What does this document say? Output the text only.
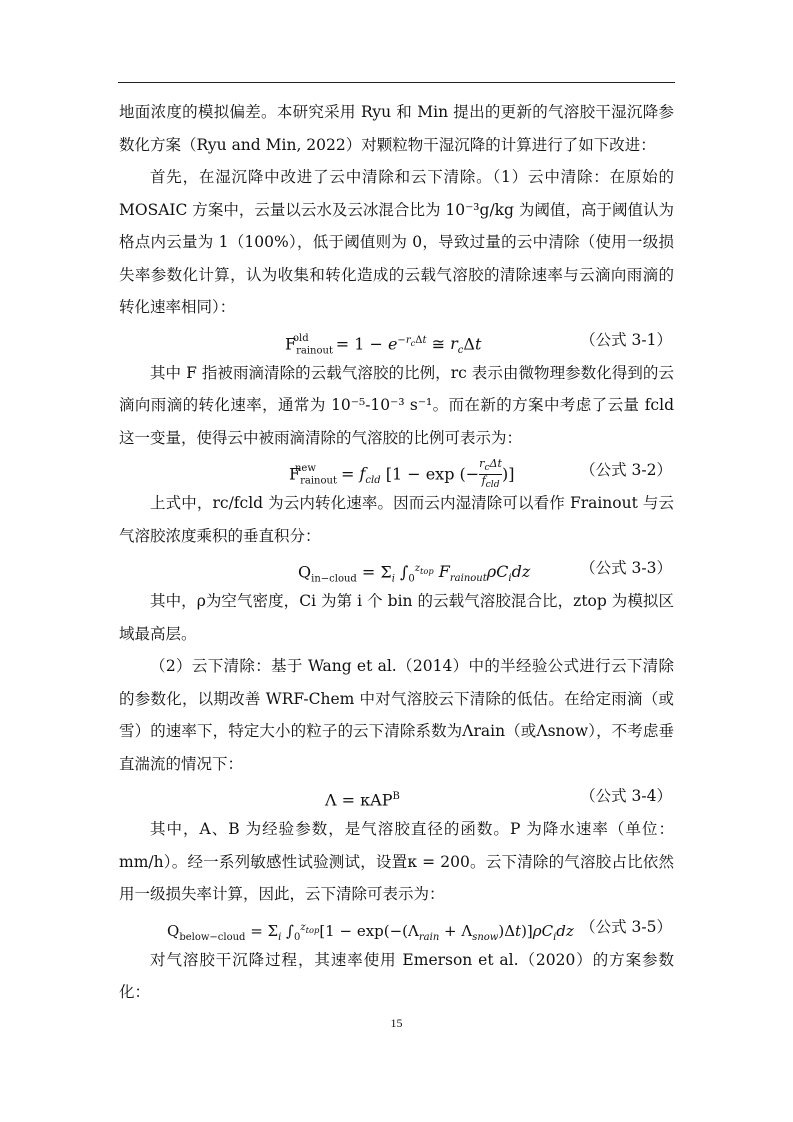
地面浓度的模拟偏差。本研究采用 Ryu 和 Min 提出的更新的气溶胶干湿沉降参数化方案（Ryu and Min, 2022）对颗粒物干湿沉降的计算进行了如下改进：

首先，在湿沉降中改进了云中清除和云下清除。（1）云中清除：在原始的 MOSAIC 方案中，云量以云水及云冰混合比为 10⁻³g/kg 为阈值，高于阈值认为格点内云量为 1（100%），低于阈值则为 0，导致过量的云中清除（使用一级损失率参数化计算，认为收集和转化造成的云载气溶胶的清除速率与云滴向雨滴的转化速率相同）：

$F_{rainout}^{old} = 1 - e^{-r_c\Delta t}$ ≅ $r_c\Delta t$	（公式 3-1）

其中 F 指被雨滴清除的云载气溶胶的比例，rc 表示由微物理参数化得到的云滴向雨滴的转化速率，通常为 10⁻⁵-10⁻³ s⁻¹。而在新的方案中考虑了云量 fcld 这一变量，使得云中被雨滴清除的气溶胶的比例可表示为：

$F_{rainout}^{new} = f_{cld}$ [1 − exp (−
$r_c\Delta t$
$f_{cld}$
)]	（公式 3-2）

上式中，rc/fcld 为云内转化速率。因而云内湿清除可以看作 Frainout 与云气溶胶浓度乘积的垂直积分：

$Q_{in-cloud} = \Sigma_i$ $\int_0^{z_{top}}$ $F_{rainout}\rho C_idz$	（公式 3-3）

其中，ρ为空气密度，Ci 为第 i 个 bin 的云载气溶胶混合比，ztop 为模拟区域最高层。

（2）云下清除：基于 Wang et al.（2014）中的半经验公式进行云下清除的参数化，以期改善 WRF-Chem 中对气溶胶云下清除的低估。在给定雨滴（或雪）的速率下，特定大小的粒子的云下清除系数为Λrain（或Λsnow），不考虑垂直湍流的情况下：

Λ = κAP$^B$	（公式 3-4）

其中，A、B 为经验参数，是气溶胶直径的函数。P 为降水速率（单位：mm/h）。经一系列敏感性试验测试，设置κ = 200。云下清除的气溶胶占比依然用一级损失率计算，因此，云下清除可表示为：

$Q_{below-cloud} = \Sigma_i$ $\int_0^{z_{top}}[1 - \exp(-(\Lambda_{rain} + \Lambda_{snow})\Delta t)]\rho C_idz$ （公式 3-5）

对气溶胶干沉降过程，其速率使用 Emerson et al.（2020）的方案参数化：

15
